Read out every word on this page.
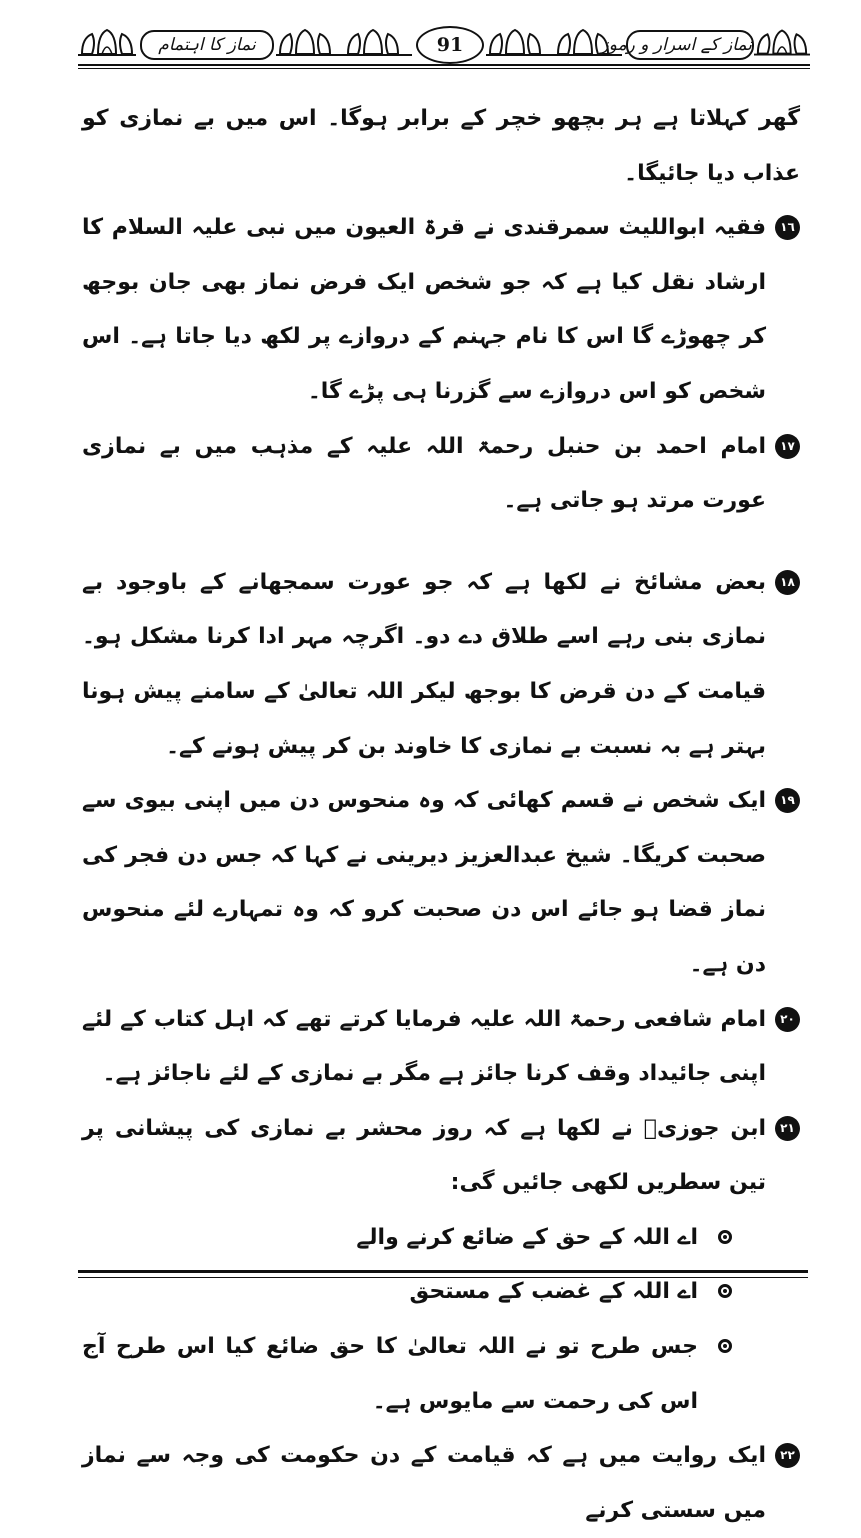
نماز کا اہتمام	91	نماز کے اسرار و رموز

گھر کہلاتا ہے ہر بچھو خچر کے برابر ہوگا۔ اس میں بے نمازی کو عذاب دیا جائیگا۔

١٦
فقیہ ابواللیث سمرقندی نے قرۃ العیون میں نبی علیہ السلام کا ارشاد نقل کیا ہے کہ جو شخص ایک فرض نماز بھی جان بوجھ کر چھوڑے گا اس کا نام جہنم کے دروازے پر لکھ دیا جاتا ہے۔ اس شخص کو اس دروازے سے گزرنا ہی پڑے گا۔

١٧
امام احمد بن حنبل رحمۃ اللہ علیہ کے مذہب میں بے نمازی عورت مرتد ہو جاتی ہے۔

١٨
بعض مشائخ نے لکھا ہے کہ جو عورت سمجھانے کے باوجود بے نمازی بنی رہے اسے طلاق دے دو۔ اگرچہ مہر ادا کرنا مشکل ہو۔ قیامت کے دن قرض کا بوجھ لیکر اللہ تعالیٰ کے سامنے پیش ہونا بہتر ہے بہ نسبت بے نمازی کا خاوند بن کر پیش ہونے کے۔

١٩
ایک شخص نے قسم کھائی کہ وہ منحوس دن میں اپنی بیوی سے صحبت کریگا۔ شیخ عبدالعزیز دیرینی نے کہا کہ جس دن فجر کی نماز قضا ہو جائے اس دن صحبت کرو کہ وہ تمہارے لئے منحوس دن ہے۔

٢٠
امام شافعی رحمۃ اللہ علیہ فرمایا کرتے تھے کہ اہل کتاب کے لئے اپنی جائیداد وقف کرنا جائز ہے مگر بے نمازی کے لئے ناجائز ہے۔

٢١
ابن جوزیؒ نے لکھا ہے کہ روز محشر بے نمازی کی پیشانی پر تین سطریں لکھی جائیں گی:

اے اللہ کے حق کے ضائع کرنے والے
اے اللہ کے غضب کے مستحق
جس طرح تو نے اللہ تعالیٰ کا حق ضائع کیا اس طرح آج اس کی رحمت سے مایوس ہے۔

٢٢
ایک روایت میں ہے کہ قیامت کے دن حکومت کی وجہ سے نماز میں سستی کرنے
